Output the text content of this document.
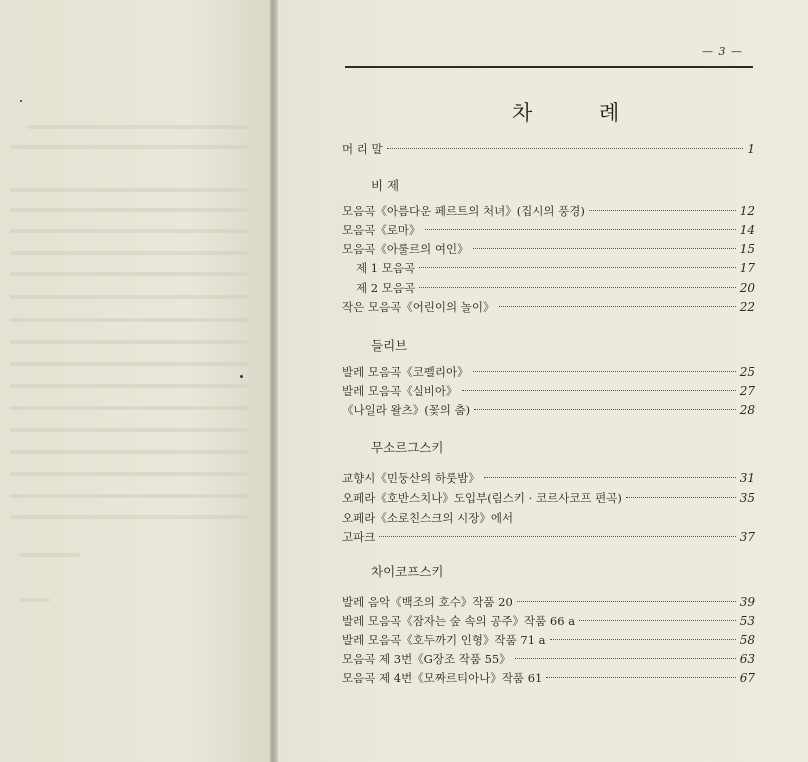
— 3 —
차 례
머 리 말	1
비 제
모음곡《아름다운 페르트의 처녀》(집시의 풍경)	12
모음곡《로마》	14
모음곡《아룰르의 여인》	15
제 1 모음곡	17
제 2 모음곡	20
작은 모음곡《어린이의 놀이》	22
들리브
발레 모음곡《코펠리아》	25
발레 모음곡《실비아》	27
《나일라 왈츠》(꽃의 춤)	28
무소르그스키
교향시《민둥산의 하룻밤》	31
오페라《호반스치나》도입부(림스키 · 코르사코프 편곡)	35
오페라《소로친스크의 시장》에서
고파크	37
차이코프스키
발레 음악《백조의 호수》작품 20	39
발레 모음곡《잠자는 숲 속의 공주》작품 66 a	53
발레 모음곡《호두까기 인형》작품 71 a	58
모음곡 제 3번《G장조 작품 55》	63
모음곡 제 4번《모짜르티아나》작품 61	67
